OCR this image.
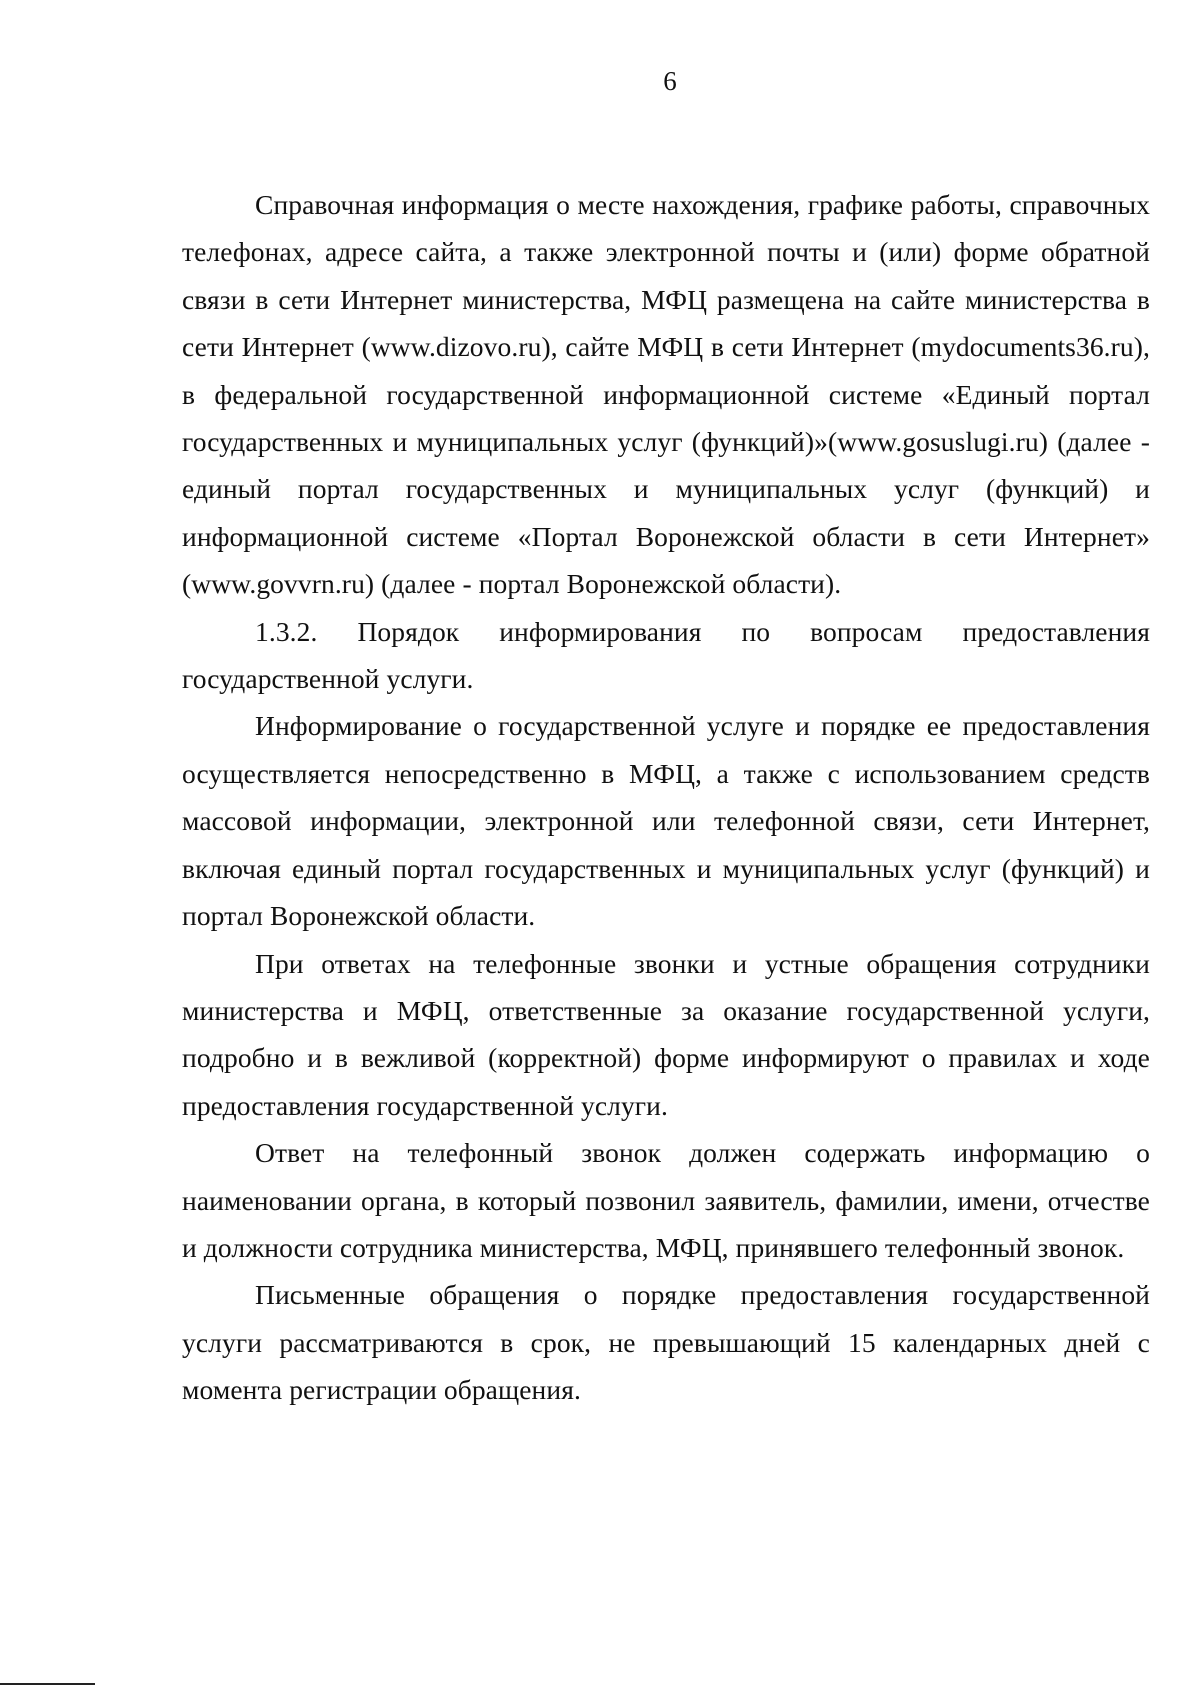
6

Справочная информация о месте нахождения, графике работы, справочных телефонах, адресе сайта, а также электронной почты и (или) форме обратной связи в сети Интернет министерства, МФЦ размещена на сайте министерства в сети Интернет (www.dizovo.ru), сайте МФЦ в сети Интернет (mydocuments36.ru), в федеральной государственной информационной системе «Единый портал государственных и муниципальных услуг (функций)»(www.gosuslugi.ru) (далее - единый портал государственных и муниципальных услуг (функций) и информационной системе «Портал Воронежской области в сети Интернет» (www.govvrn.ru) (далее - портал Воронежской области).

1.3.2. Порядок информирования по вопросам предоставления государственной услуги.

Информирование о государственной услуге и порядке ее предоставления осуществляется непосредственно в МФЦ, а также с использованием средств массовой информации, электронной или телефонной связи, сети Интернет, включая единый портал государственных и муниципальных услуг (функций) и портал Воронежской области.

При ответах на телефонные звонки и устные обращения сотрудники министерства и МФЦ, ответственные за оказание государственной услуги, подробно и в вежливой (корректной) форме информируют о правилах и ходе предоставления государственной услуги.

Ответ на телефонный звонок должен содержать информацию о наименовании органа, в который позвонил заявитель, фамилии, имени, отчестве и должности сотрудника министерства, МФЦ, принявшего телефонный звонок.

Письменные обращения о порядке предоставления государственной услуги рассматриваются в срок, не превышающий 15 календарных дней с момента регистрации обращения.
